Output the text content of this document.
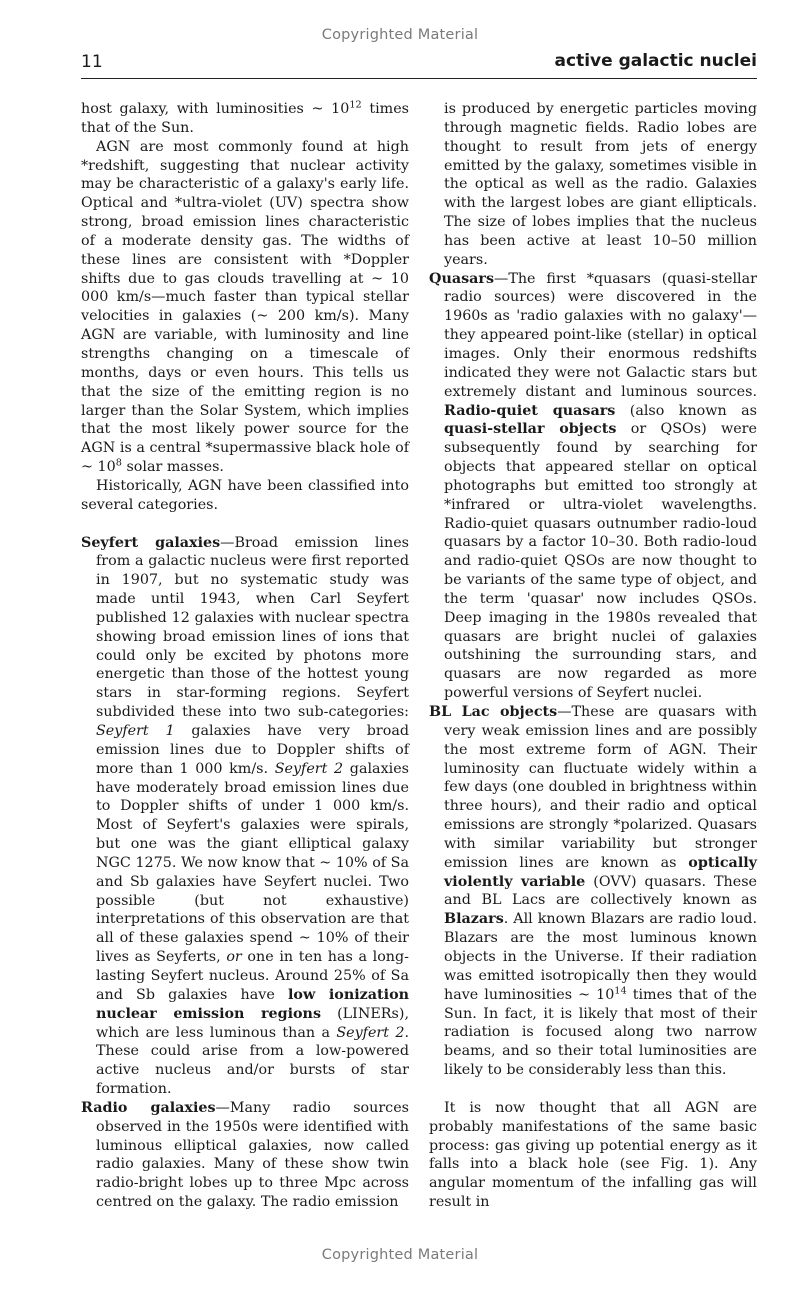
Copyrighted Material
11	active galactic nuclei

host galaxy, with luminosities ~ $10^{12}$ times that of the Sun.

AGN are most commonly found at high *redshift, suggesting that nuclear activity may be characteristic of a galaxy's early life. Optical and *ultra-violet (UV) spectra show strong, broad emission lines characteristic of a moderate density gas. The widths of these lines are consistent with *Doppler shifts due to gas clouds travelling at ~ 10 000 km/s—much faster than typical stellar velocities in galaxies (~ 200 km/s). Many AGN are variable, with luminosity and line strengths changing on a timescale of months, days or even hours. This tells us that the size of the emitting region is no larger than the Solar System, which implies that the most likely power source for the AGN is a central *supermassive black hole of ~ $10^8$ solar masses.

Historically, AGN have been classified into several categories.

Seyfert galaxies—Broad emission lines from a galactic nucleus were first reported in 1907, but no systematic study was made until 1943, when Carl Seyfert published 12 galaxies with nuclear spectra showing broad emission lines of ions that could only be excited by photons more energetic than those of the hottest young stars in star-forming regions. Seyfert subdivided these into two sub-categories: Seyfert 1 galaxies have very broad emission lines due to Doppler shifts of more than 1 000 km/s. Seyfert 2 galaxies have moderately broad emission lines due to Doppler shifts of under 1 000 km/s. Most of Seyfert's galaxies were spirals, but one was the giant elliptical galaxy NGC 1275. We now know that ~ 10% of Sa and Sb galaxies have Seyfert nuclei. Two possible (but not exhaustive) interpretations of this observation are that all of these galaxies spend ~ 10% of their lives as Seyferts, or one in ten has a long-lasting Seyfert nucleus. Around 25% of Sa and Sb galaxies have low ionization nuclear emission regions (LINERs), which are less luminous than a Seyfert 2. These could arise from a low-powered active nucleus and/or bursts of star formation.

Radio galaxies—Many radio sources observed in the 1950s were identified with luminous elliptical galaxies, now called radio galaxies. Many of these show twin radio-bright lobes up to three Mpc across centred on the galaxy. The radio emission

is produced by energetic particles moving through magnetic fields. Radio lobes are thought to result from jets of energy emitted by the galaxy, sometimes visible in the optical as well as the radio. Galaxies with the largest lobes are giant ellipticals. The size of lobes implies that the nucleus has been active at least 10–50 million years.

Quasars—The first *quasars (quasi-stellar radio sources) were discovered in the 1960s as 'radio galaxies with no galaxy'—they appeared point-like (stellar) in optical images. Only their enormous redshifts indicated they were not Galactic stars but extremely distant and luminous sources. Radio-quiet quasars (also known as quasi-stellar objects or QSOs) were subsequently found by searching for objects that appeared stellar on optical photographs but emitted too strongly at *infrared or ultra-violet wavelengths. Radio-quiet quasars outnumber radio-loud quasars by a factor 10–30. Both radio-loud and radio-quiet QSOs are now thought to be variants of the same type of object, and the term 'quasar' now includes QSOs. Deep imaging in the 1980s revealed that quasars are bright nuclei of galaxies outshining the surrounding stars, and quasars are now regarded as more powerful versions of Seyfert nuclei.

BL Lac objects—These are quasars with very weak emission lines and are possibly the most extreme form of AGN. Their luminosity can fluctuate widely within a few days (one doubled in brightness within three hours), and their radio and optical emissions are strongly *polarized. Quasars with similar variability but stronger emission lines are known as optically violently variable (OVV) quasars. These and BL Lacs are collectively known as Blazars. All known Blazars are radio loud. Blazars are the most luminous known objects in the Universe. If their radiation was emitted isotropically then they would have luminosities ~ $10^{14}$ times that of the Sun. In fact, it is likely that most of their radiation is focused along two narrow beams, and so their total luminosities are likely to be considerably less than this.

It is now thought that all AGN are probably manifestations of the same basic process: gas giving up potential energy as it falls into a black hole (see Fig. 1). Any angular momentum of the infalling gas will result in

Copyrighted Material
